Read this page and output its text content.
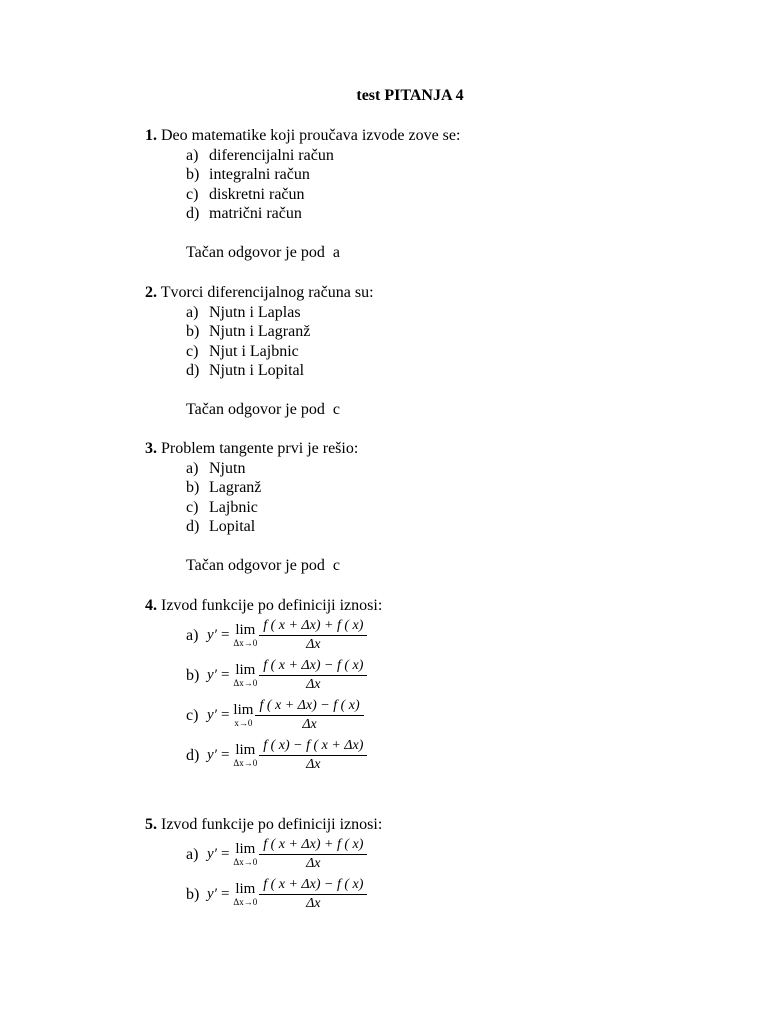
test PITANJA 4
1. Deo matematike koji proučava izvode zove se:
a) diferencijalni račun
b) integralni račun
c) diskretni račun
d) matrični račun
Tačan odgovor je pod  a
2. Tvorci diferencijalnog računa su:
a) Njutn i Laplas
b) Njutn i Lagranž
c) Njut i Lajbnic
d) Njutn i Lopital
Tačan odgovor je pod  c
3. Problem tangente prvi je rešio:
a) Njutn
b) Lagranž
c) Lajbnic
d) Lopital
Tačan odgovor je pod  c
4. Izvod funkcije po definiciji iznosi:
a) y′ = lim
$\Delta x\to 0 \frac{f ( x + \Delta x) + f ( x)}{\Delta x}$
b) y′ = lim
$\Delta x\to 0 \frac{f ( x + \Delta x) - f ( x)}{\Delta x}$
c) y′ = lim
$x\to 0 \frac{f ( x + \Delta x) - f ( x)}{\Delta x}$
d) y′ = lim
$\Delta x\to 0 \frac{f ( x) - f ( x + \Delta x)}{\Delta x}$
5. Izvod funkcije po definiciji iznosi:
a) y′ = lim
$\Delta x\to 0 \frac{f ( x + \Delta x) + f ( x)}{\Delta x}$
b) y′ = lim
$\Delta x\to 0 \frac{f ( x + \Delta x) - f ( x)}{\Delta x}$
